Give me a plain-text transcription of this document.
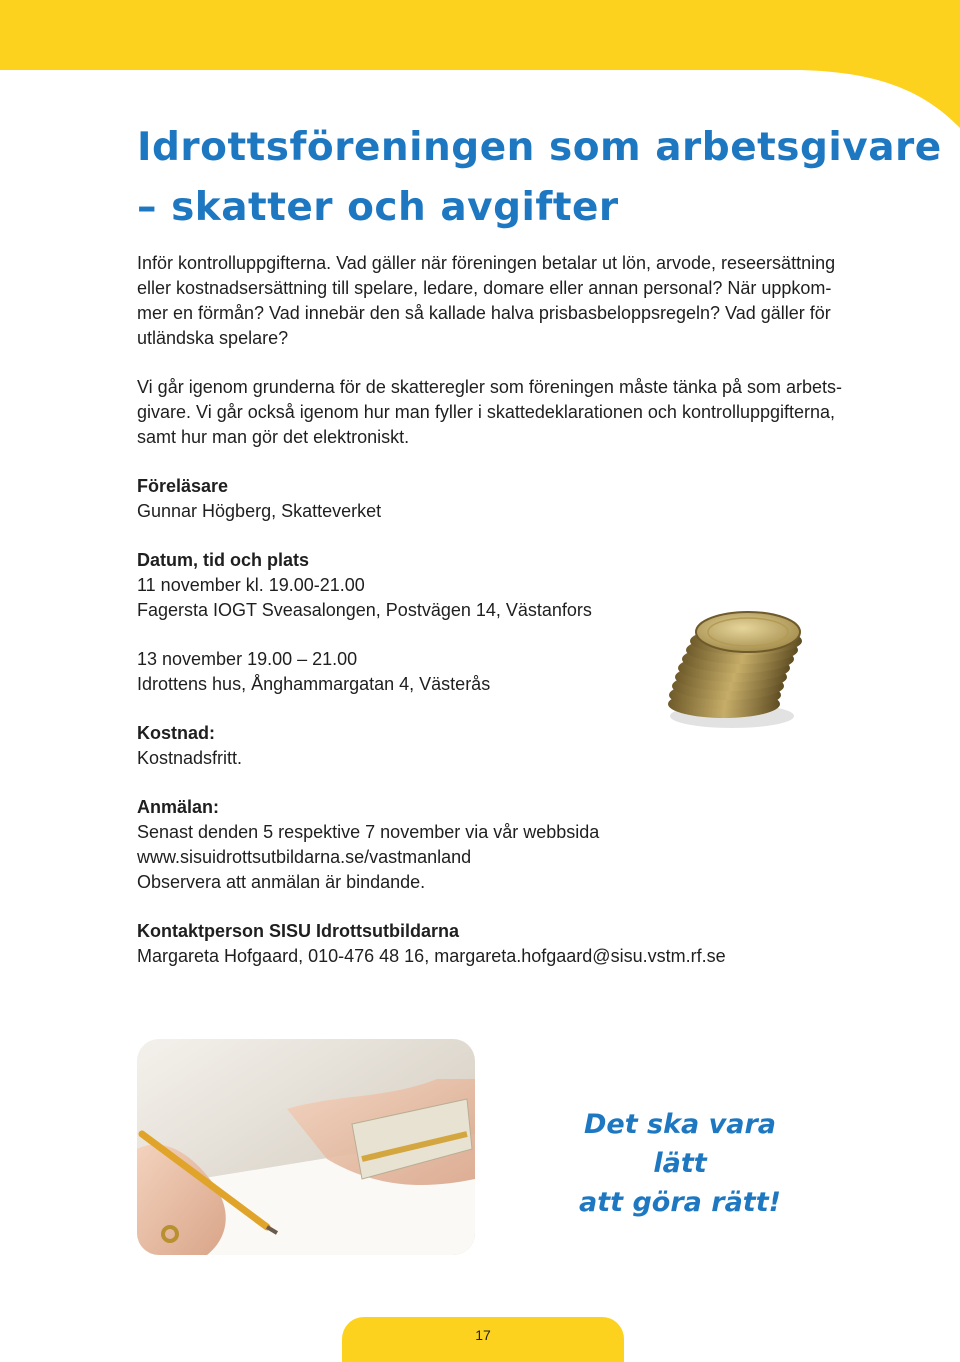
Idrottsföreningen som arbetsgivare
– skatter och avgifter

Inför kontrolluppgifterna. Vad gäller när föreningen betalar ut lön, arvode, reseersättning
eller kostnadsersättning till spelare, ledare, domare eller annan personal? När uppkom-
mer en förmån? Vad innebär den så kallade halva prisbasbeloppsregeln? Vad gäller för
utländska spelare?

Vi går igenom grunderna för de skatteregler som föreningen måste tänka på som arbets-
givare. Vi går också igenom hur man fyller i skattedeklarationen och kontrolluppgifterna,
samt hur man gör det elektroniskt.
Föreläsare
Gunnar Högberg, Skatteverket
Datum, tid och plats
11 november kl. 19.00-21.00
Fagersta IOGT Sveasalongen, Postvägen 14, Västanfors
13 november 19.00 – 21.00
Idrottens hus, Ånghammargatan 4, Västerås
Kostnad:
Kostnadsfritt.
Anmälan:
Senast denden 5 respektive 7 november via vår webbsida
www.sisuidrottsutbildarna.se/vastmanland
Observera att anmälan är bindande.
Kontaktperson SISU Idrottsutbildarna
Margareta Hofgaard, 010-476 48 16, margareta.hofgaard@sisu.vstm.rf.se
Det ska vara lätt
att göra rätt!
17
